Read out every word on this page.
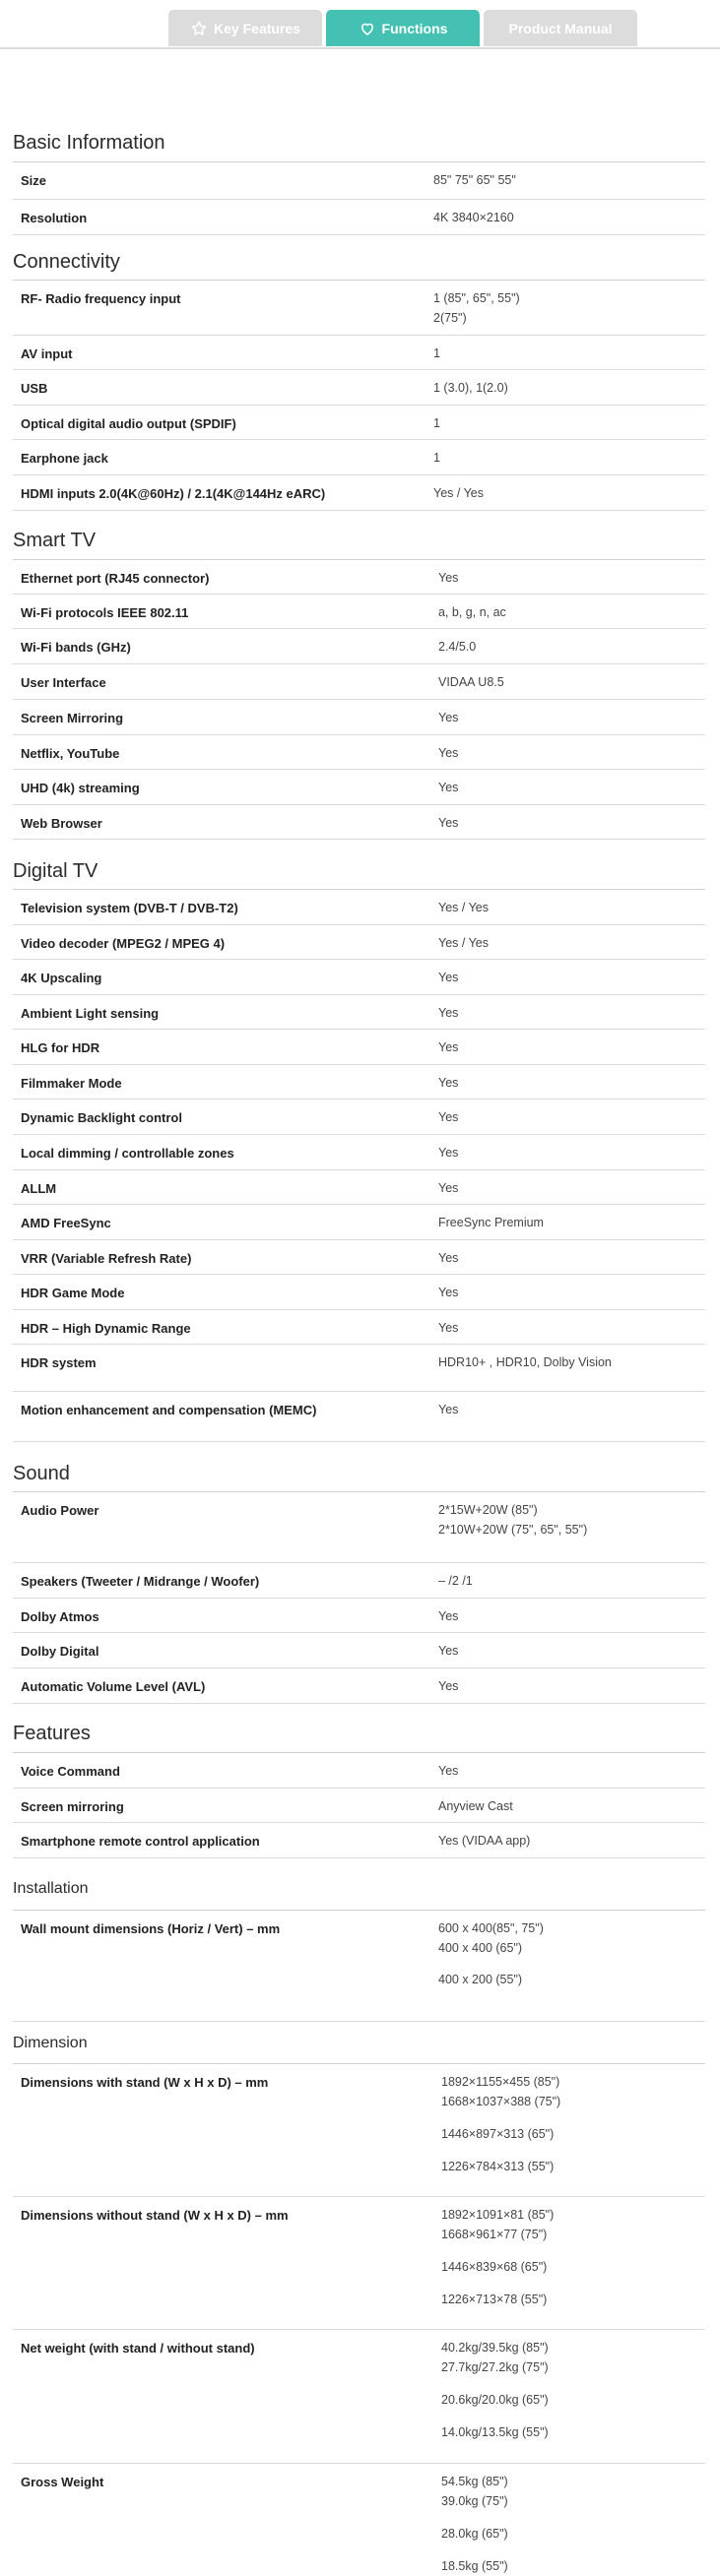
Key Features	Functions	Product Manual
Basic Information
Size	85" 75" 65" 55"
Resolution	4K 3840×2160
Connectivity
RF- Radio frequency input	1 (85", 65", 55")
2(75")
AV input	1
USB	1 (3.0), 1(2.0)
Optical digital audio output (SPDIF)	1
Earphone jack	1
HDMI inputs 2.0(4K@60Hz) / 2.1(4K@144Hz eARC)	Yes / Yes
Smart TV
Ethernet port (RJ45 connector)	Yes
Wi-Fi protocols IEEE 802.11	a, b, g, n, ac
Wi-Fi bands (GHz)	2.4/5.0
User Interface	VIDAA U8.5
Screen Mirroring	Yes
Netflix, YouTube	Yes
UHD (4k) streaming	Yes
Web Browser	Yes
Digital TV
Television system (DVB-T / DVB-T2)	Yes / Yes
Video decoder (MPEG2 / MPEG 4)	Yes / Yes
4K Upscaling	Yes
Ambient Light sensing	Yes
HLG for HDR	Yes
Filmmaker Mode	Yes
Dynamic Backlight control	Yes
Local dimming / controllable zones	Yes
ALLM	Yes
AMD FreeSync	FreeSync Premium
VRR (Variable Refresh Rate)	Yes
HDR Game Mode	Yes
HDR – High Dynamic Range	Yes
HDR system	HDR10+ , HDR10, Dolby Vision
Motion enhancement and compensation (MEMC)	Yes
Sound
Audio Power	2*15W+20W (85")
2*10W+20W (75", 65", 55")
Speakers (Tweeter / Midrange / Woofer)	– /2 /1
Dolby Atmos	Yes
Dolby Digital	Yes
Automatic Volume Level (AVL)	Yes
Features
Voice Command	Yes
Screen mirroring	Anyview Cast
Smartphone remote control application	Yes (VIDAA app)
Installation
Wall mount dimensions (Horiz / Vert) – mm	600 x 400(85", 75")
400 x 400 (65")
400 x 200 (55")
Dimension
Dimensions with stand (W x H x D) – mm	1892×1155×455 (85")
1668×1037×388 (75")
1446×897×313 (65")
1226×784×313 (55")
Dimensions without stand (W x H x D) – mm	1892×1091×81 (85")
1668×961×77 (75")
1446×839×68 (65")
1226×713×78 (55")
Net weight (with stand / without stand)	40.2kg/39.5kg (85")
27.7kg/27.2kg (75")
20.6kg/20.0kg (65")
14.0kg/13.5kg (55")
Gross Weight	54.5kg (85")
39.0kg (75")
28.0kg (65")
18.5kg (55")
